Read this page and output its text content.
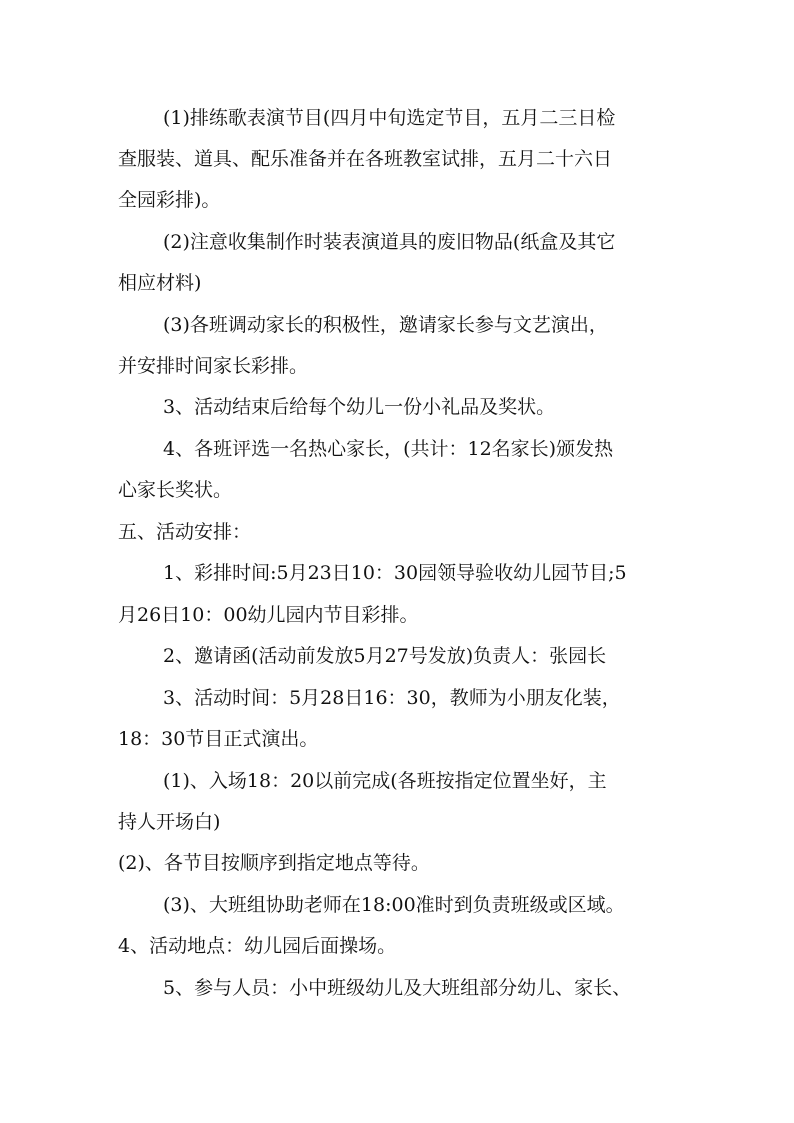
(1)排练歌表演节目(四月中旬选定节目，五月二三日检
查服装、道具、配乐准备并在各班教室试排，五月二十六日
全园彩排)。
(2)注意收集制作时装表演道具的废旧物品(纸盒及其它
相应材料)
(3)各班调动家长的积极性，邀请家长参与文艺演出，
并安排时间家长彩排。
3、活动结束后给每个幼儿一份小礼品及奖状。
4、各班评选一名热心家长，(共计：12名家长)颁发热
心家长奖状。
五、活动安排：
1、彩排时间:5月23日10：30园领导验收幼儿园节目;5
月26日10：00幼儿园内节目彩排。
2、邀请函(活动前发放5月27号发放)负责人：张园长
3、活动时间：5月28日16：30，教师为小朋友化装，
18：30节目正式演出。
(1)、入场18：20以前完成(各班按指定位置坐好，主
持人开场白)
(2)、各节目按顺序到指定地点等待。
(3)、大班组协助老师在18:00准时到负责班级或区域。
4、活动地点：幼儿园后面操场。
5、参与人员：小中班级幼儿及大班组部分幼儿、家长、
